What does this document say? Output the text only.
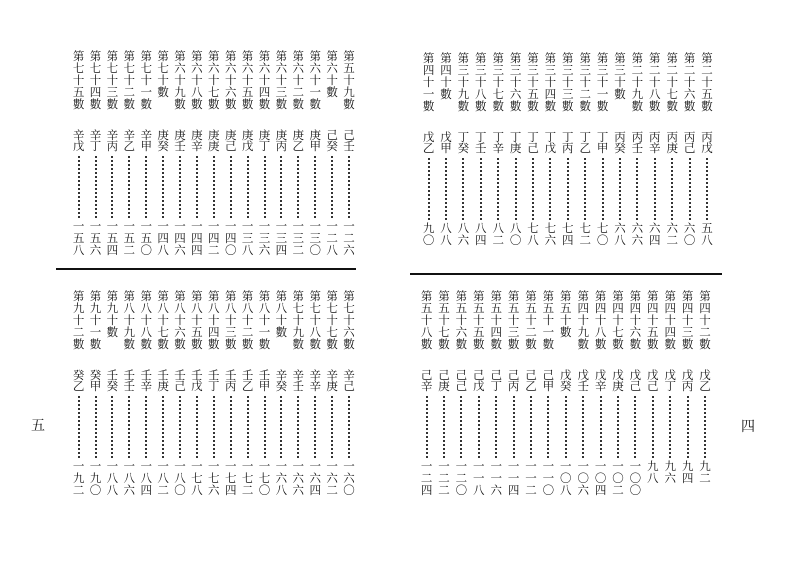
第五十九數
己壬
一二六
第六十數
己癸
一二八
第六十一數
庚甲
一三〇
第六十二數
庚乙
一三二
第六十三數
庚丙
一三四
第六十四數
庚丁
一三六
第六十五數
庚戊
一三八
第六十六數
庚己
一四〇
第六十七數
庚庚
一四二
第六十八數
庚辛
一四四
第六十九數
庚壬
一四六
第七十數
庚癸
一四八
第七十一數
辛甲
一五〇
第七十二數
辛乙
一五二
第七十三數
辛丙
一五四
第七十四數
辛丁
一五六
第七十五數
辛戊
一五八
第七十六數
辛己
一六〇
第七十七數
辛庚
一六二
第七十八數
辛辛
一六四
第七十九數
辛壬
一六六
第八十數
辛癸
一六八
第八十一數
壬甲
一七〇
第八十二數
壬乙
一七二
第八十三數
壬丙
一七四
第八十四數
壬丁
一七六
第八十五數
壬戊
一七八
第八十六數
壬己
一八〇
第八十七數
壬庚
一八二
第八十八數
壬辛
一八四
第八十九數
壬壬
一八六
第九十數
壬癸
一八八
第九十一數
癸甲
一九〇
第九十二數
癸乙
一九二
五
第二十五數
丙戊
五八
第二十六數
丙己
六〇
第二十七數
丙庚
六二
第二十八數
丙辛
六四
第二十九數
丙壬
六六
第三十數
丙癸
六八
第三十一數
丁甲
七〇
第三十二數
丁乙
七二
第三十三數
丁丙
七四
第三十四數
丁戊
七六
第三十五數
丁己
七八
第三十六數
丁庚
八〇
第三十七數
丁辛
八二
第三十八數
丁壬
八四
第三十九數
丁癸
八六
第四十數
戊甲
八八
第四十一數
戊乙
九〇
第四十二數
戊乙
九二
第四十三數
戊丙
九四
第四十四數
戊丁
九六
第四十五數
戊己
九八
第四十六數
戊己
一〇〇
第四十七數
戊庚
一〇二
第四十八數
戊辛
一〇四
第四十九數
戊壬
一〇六
第五十數
戊癸
一〇八
第五十一數
己甲
一一〇
第五十二數
己乙
一一二
第五十三數
己丙
一一四
第五十四數
己丁
一一六
第五十五數
己戊
一一八
第五十六數
己己
一二〇
第五十七數
己庚
一二二
第五十八數
己辛
一二四
四
